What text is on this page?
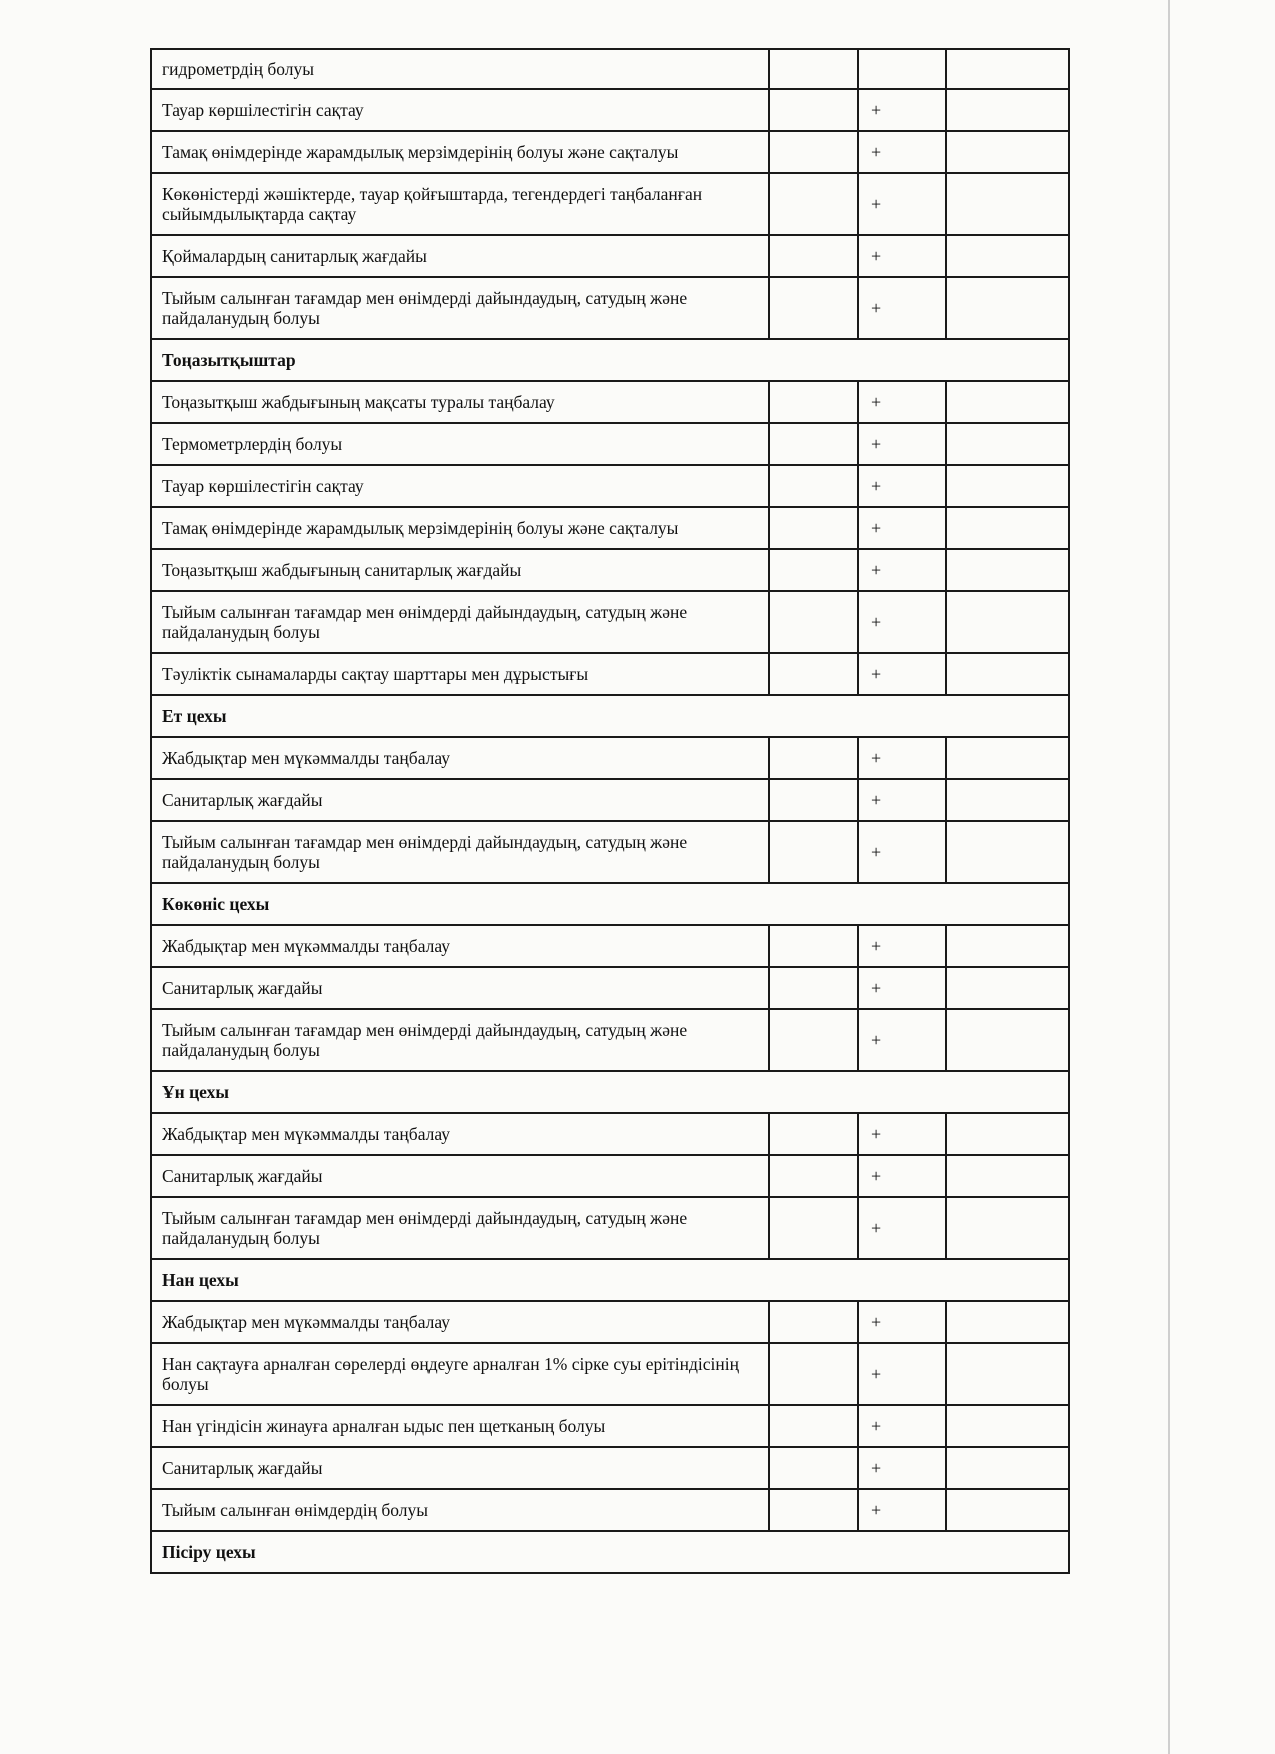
гидрометрдің болуы			
Тауар көршілестігін сақтау		+	
Тамақ өнімдерінде жарамдылық мерзімдерінің болуы және сақталуы		+	
Көкөністерді жәшіктерде, тауар қойғыштарда, тегендердегі таңбаланған сыйымдылықтарда сақтау		+	
Қоймалардың санитарлық жағдайы		+	
Тыйым салынған тағамдар мен өнімдерді дайындаудың, сатудың және пайдаланудың болуы		+	
Тоңазытқыштар			
Тоңазытқыш жабдығының мақсаты туралы таңбалау		+	
Термометрлердің болуы		+	
Тауар көршілестігін сақтау		+	
Тамақ өнімдерінде жарамдылық мерзімдерінің болуы және сақталуы		+	
Тоңазытқыш жабдығының санитарлық жағдайы		+	
Тыйым салынған тағамдар мен өнімдерді дайындаудың, сатудың және пайдаланудың болуы		+	
Тәуліктік сынамаларды сақтау шарттары мен дұрыстығы		+	
Ет цехы			
Жабдықтар мен мүкәммалды таңбалау		+	
Санитарлық жағдайы		+	
Тыйым салынған тағамдар мен өнімдерді дайындаудың, сатудың және пайдаланудың болуы		+	
Көкөніс цехы			
Жабдықтар мен мүкәммалды таңбалау		+	
Санитарлық жағдайы		+	
Тыйым салынған тағамдар мен өнімдерді дайындаудың, сатудың және пайдаланудың болуы		+	
Ұн цехы			
Жабдықтар мен мүкәммалды таңбалау		+	
Санитарлық жағдайы		+	
Тыйым салынған тағамдар мен өнімдерді дайындаудың, сатудың және пайдаланудың болуы		+	
Нан цехы			
Жабдықтар мен мүкәммалды таңбалау		+	
Нан сақтауға арналған сөрелерді өңдеуге арналған 1% сірке суы ерітіндісінің болуы		+	
Нан үгіндісін жинауға арналған ыдыс пен щетканың болуы		+	
Санитарлық жағдайы		+	
Тыйым салынған өнімдердің болуы		+	
Пісіру цехы			
